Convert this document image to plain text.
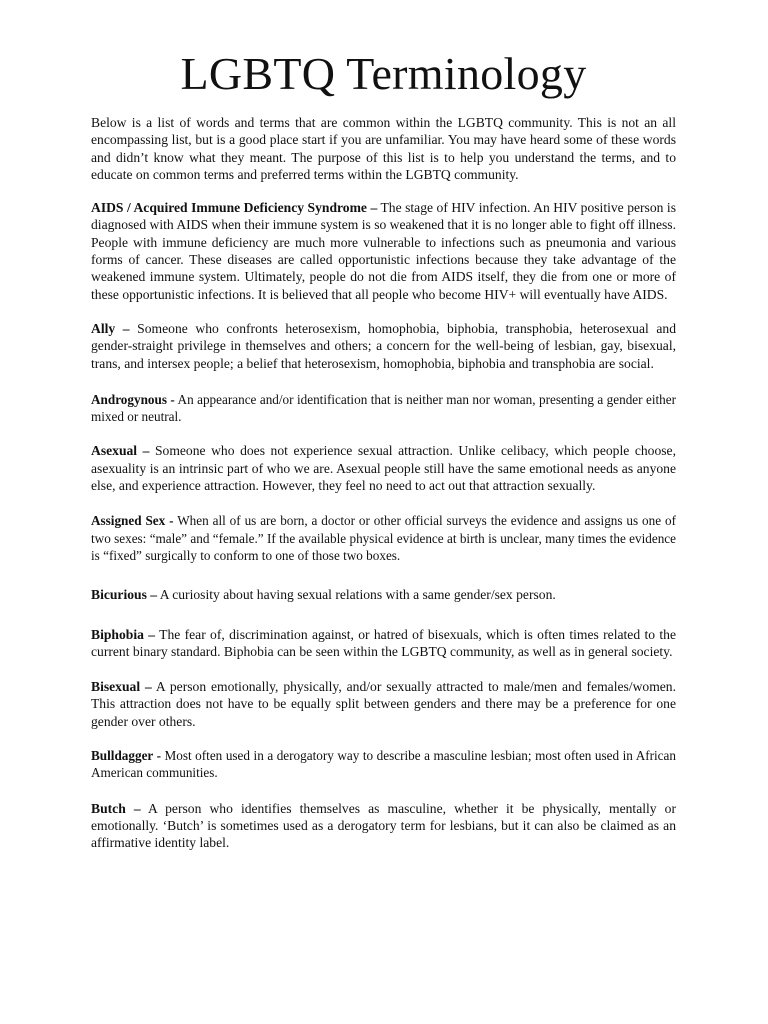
LGBTQ Terminology

Below is a list of words and terms that are common within the LGBTQ community. This is not an all encompassing list, but is a good place start if you are unfamiliar. You may have heard some of these words and didn’t know what they meant. The purpose of this list is to help you understand the terms, and to educate on common terms and preferred terms within the LGBTQ community.

AIDS / Acquired Immune Deficiency Syndrome – The stage of HIV infection. An HIV positive person is diagnosed with AIDS when their immune system is so weakened that it is no longer able to fight off illness. People with immune deficiency are much more vulnerable to infections such as pneumonia and various forms of cancer. These diseases are called opportunistic infections because they take advantage of the weakened immune system. Ultimately, people do not die from AIDS itself, they die from one or more of these opportunistic infections. It is believed that all people who become HIV+ will eventually have AIDS.

Ally – Someone who confronts heterosexism, homophobia, biphobia, transphobia, heterosexual and gender-straight privilege in themselves and others; a concern for the well-being of lesbian, gay, bisexual, trans, and intersex people; a belief that heterosexism, homophobia, biphobia and transphobia are social.

Androgynous - An appearance and/or identification that is neither man nor woman, presenting a gender either mixed or neutral.

Asexual – Someone who does not experience sexual attraction. Unlike celibacy, which people choose, asexuality is an intrinsic part of who we are. Asexual people still have the same emotional needs as anyone else, and experience attraction. However, they feel no need to act out that attraction sexually.

Assigned Sex - When all of us are born, a doctor or other official surveys the evidence and assigns us one of two sexes: “male” and “female.” If the available physical evidence at birth is unclear, many times the evidence is “fixed” surgically to conform to one of those two boxes.

Bicurious – A curiosity about having sexual relations with a same gender/sex person.

Biphobia – The fear of, discrimination against, or hatred of bisexuals, which is often times related to the current binary standard. Biphobia can be seen within the LGBTQ community, as well as in general society.

Bisexual – A person emotionally, physically, and/or sexually attracted to male/men and females/women. This attraction does not have to be equally split between genders and there may be a preference for one gender over others.

Bulldagger - Most often used in a derogatory way to describe a masculine lesbian; most often used in African American communities.

Butch – A person who identifies themselves as masculine, whether it be physically, mentally or emotionally. ‘Butch’ is sometimes used as a derogatory term for lesbians, but it can also be claimed as an affirmative identity label.
